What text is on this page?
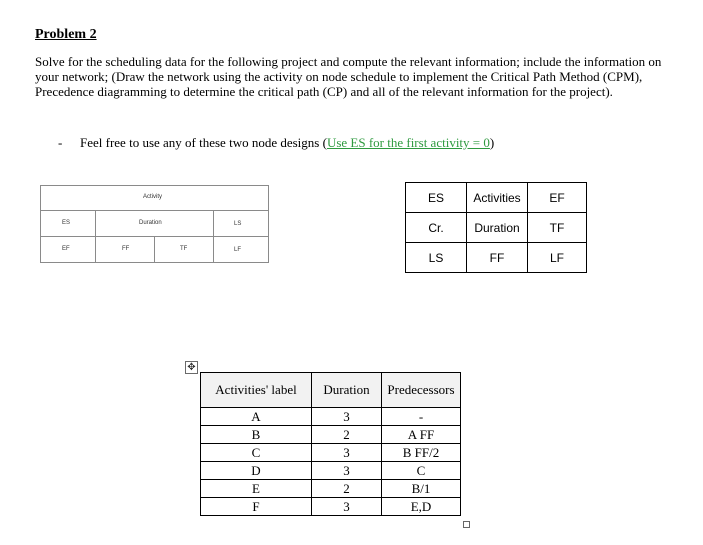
Problem 2
Solve for the scheduling data for the following project and compute the relevant information; include the information on your network; (Draw the network using the activity on node schedule to implement the Critical Path Method (CPM), Precedence diagramming to determine the critical path (CP) and all of the relevant information for the project).
- Feel free to use any of these two node designs (Use ES for the first activity = 0)
Activity
ES	Duration	LS
EF	FF	TF	LF
ES	Activities	EF
Cr.	Duration	TF
LS	FF	LF
✥
Activities' label	Duration	Predecessors
A	3	-
B	2	A FF
C	3	B FF/2
D	3	C
E	2	B/1
F	3	E,D
